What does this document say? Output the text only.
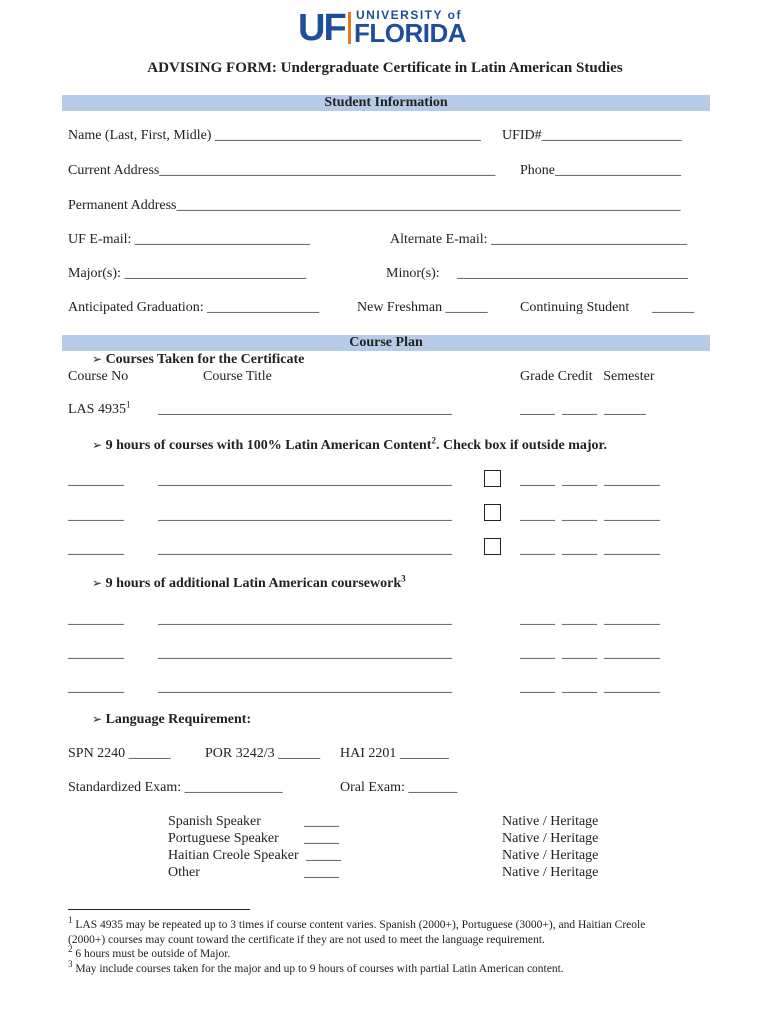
UF UNIVERSITY of
FLORIDA
ADVISING FORM: Undergraduate Certificate in Latin American Studies
Student Information
Name (Last, First, Midle) ______________________________________ UFID#____________________
Current Address________________________________________________ Phone__________________
Permanent Address________________________________________________________________________
UF E-mail: _________________________	Alternate E-mail: ____________________________
Major(s): __________________________	Minor(s): _________________________________
Anticipated Graduation: ________________	New Freshman ______ Continuing Student ______
Course Plan
➢ Courses Taken for the Certificate
Course No	Course Title	Grade Credit   Semester
LAS 4935$^1$ __________________________________________	_____  _____  ______
➢ 9 hours of courses with 100% Latin American Content$^2$. Check box if outside major.
________ __________________________________________	_____  _____  ________
________ __________________________________________	_____  _____  ________
________ __________________________________________	_____  _____  ________
➢ 9 hours of additional Latin American coursework$^3$
________ __________________________________________	_____  _____  ________
________ __________________________________________	_____  _____  ________
________ __________________________________________	_____  _____  ________
➢ Language Requirement:
SPN 2240 ______ POR 3242/3 ______ HAI 2201 _______
Standardized Exam: ______________	Oral Exam: _______
Spanish Speaker	_____	Native / Heritage
Portuguese Speaker _____	Native / Heritage
Haitian Creole Speaker _____	Native / Heritage
Other	_____	Native / Heritage
$^1$ LAS 4935 may be repeated up to 3 times if course content varies. Spanish (2000+), Portuguese (3000+), and Haitian Creole
(2000+) courses may count toward the certificate if they are not used to meet the language requirement.
$^2$ 6 hours must be outside of Major.
$^3$ May include courses taken for the major and up to 9 hours of courses with partial Latin American content.
